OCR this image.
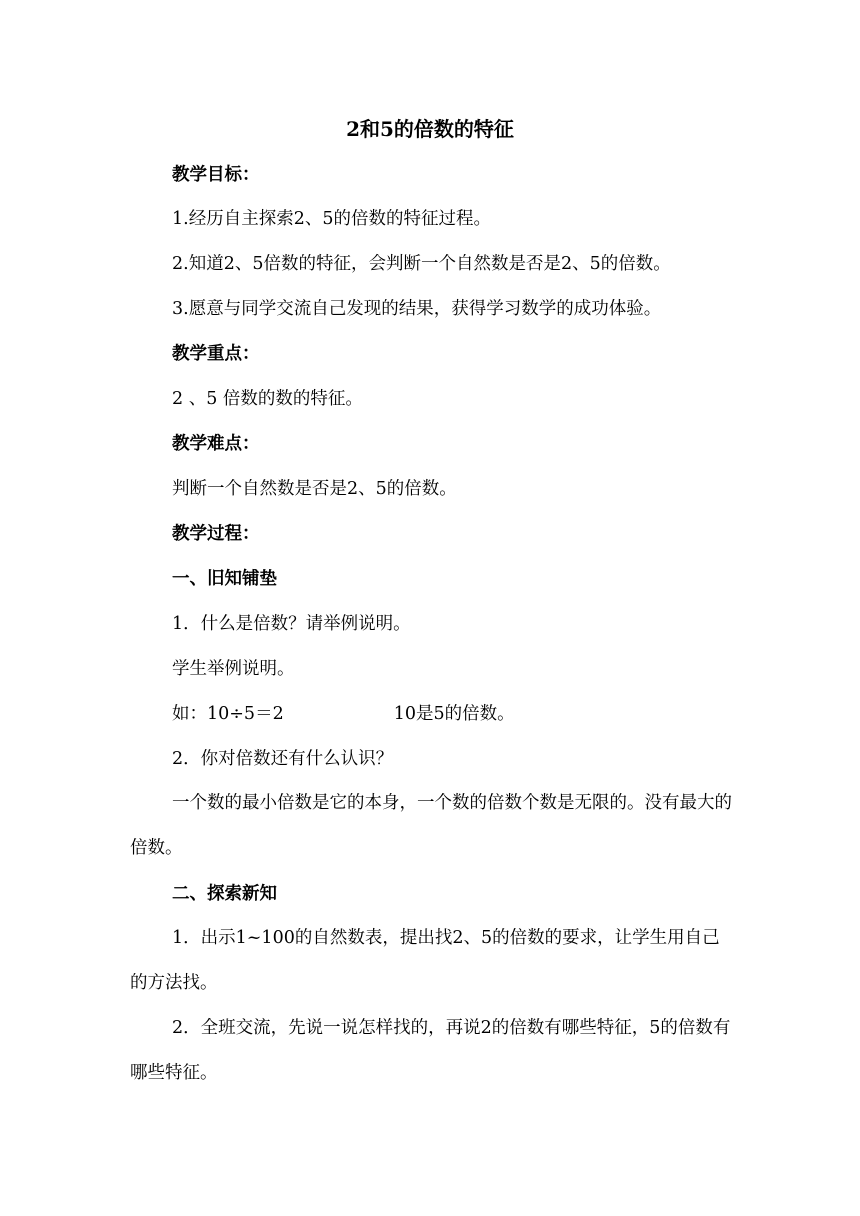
2和5的倍数的特征
教学目标：
1.经历自主探索2、5的倍数的特征过程。
2.知道2、5倍数的特征，会判断一个自然数是否是2、5的倍数。
3.愿意与同学交流自己发现的结果，获得学习数学的成功体验。
教学重点：
2 、5 倍数的数的特征。
教学难点：
判断一个自然数是否是2、5的倍数。
教学过程：
一、旧知铺垫
1．什么是倍数？请举例说明。
学生举例说明。
如：10÷5＝2	10是5的倍数。
2．你对倍数还有什么认识？
一个数的最小倍数是它的本身，一个数的倍数个数是无限的。没有最大的倍数。
二、探索新知
1．出示1~100的自然数表，提出找2、5的倍数的要求，让学生用自己的方法找。
2．全班交流，先说一说怎样找的，再说2的倍数有哪些特征，5的倍数有哪些特征。
